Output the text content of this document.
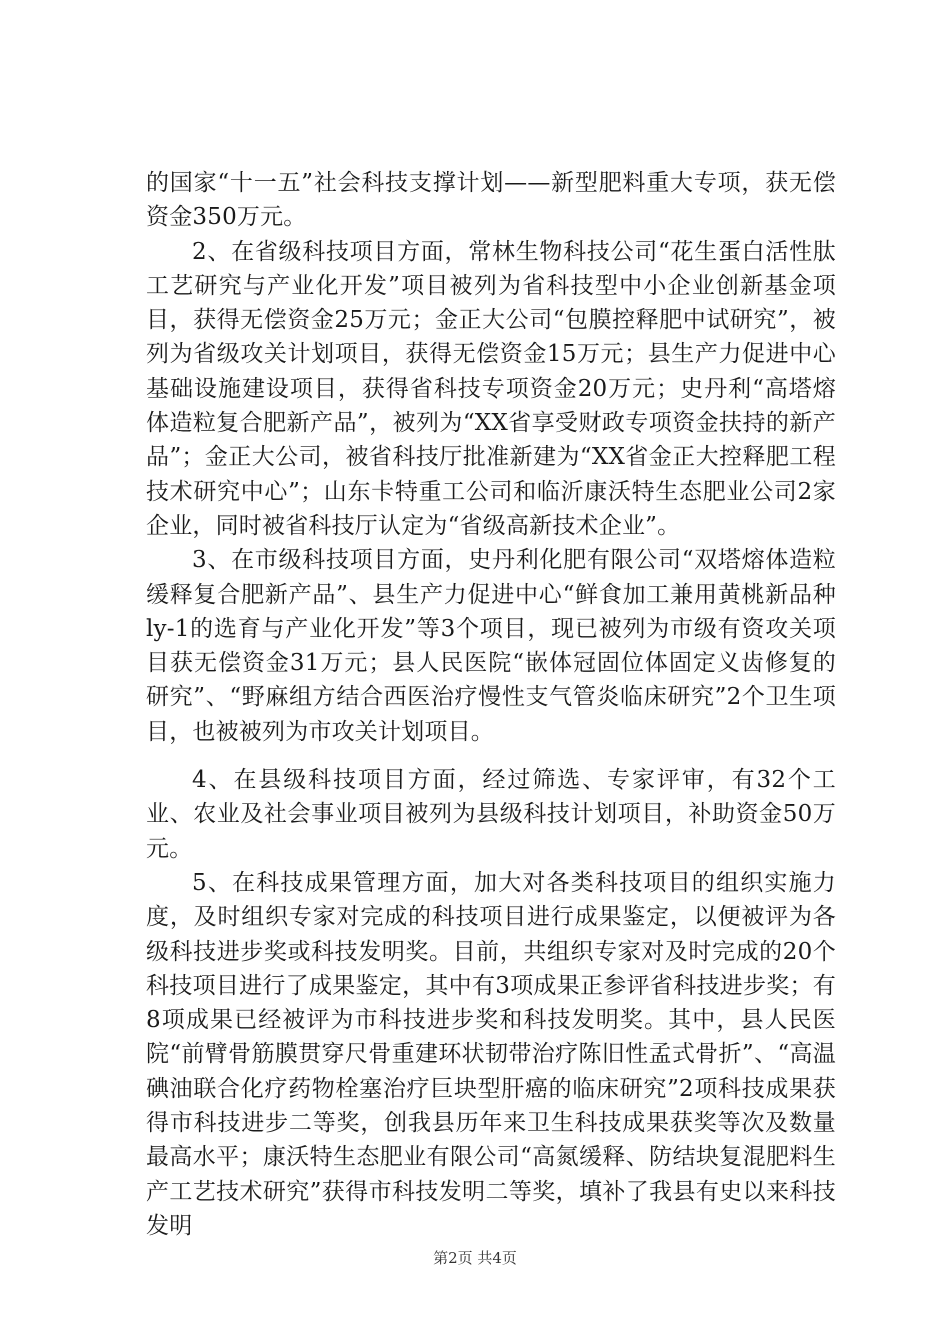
的国家“十一五”社会科技支撑计划——新型肥料重大专项，获无偿资金350万元。

2、在省级科技项目方面，常林生物科技公司“花生蛋白活性肽工艺研究与产业化开发”项目被列为省科技型中小企业创新基金项目，获得无偿资金25万元；金正大公司“包膜控释肥中试研究”，被列为省级攻关计划项目，获得无偿资金15万元；县生产力促进中心基础设施建设项目，获得省科技专项资金20万元；史丹利“高塔熔体造粒复合肥新产品”，被列为“XX省享受财政专项资金扶持的新产品”；金正大公司，被省科技厅批准新建为“XX省金正大控释肥工程技术研究中心”；山东卡特重工公司和临沂康沃特生态肥业公司2家企业，同时被省科技厅认定为“省级高新技术企业”。

3、在市级科技项目方面，史丹利化肥有限公司“双塔熔体造粒缓释复合肥新产品”、县生产力促进中心“鲜食加工兼用黄桃新品种ly-1的选育与产业化开发”等3个项目，现已被列为市级有资攻关项目获无偿资金31万元；县人民医院“嵌体冠固位体固定义齿修复的研究”、“野麻组方结合西医治疗慢性支气管炎临床研究”2个卫生项目，也被被列为市攻关计划项目。

4、在县级科技项目方面，经过筛选、专家评审，有32个工业、农业及社会事业项目被列为县级科技计划项目，补助资金50万元。

5、在科技成果管理方面，加大对各类科技项目的组织实施力度，及时组织专家对完成的科技项目进行成果鉴定，以便被评为各级科技进步奖或科技发明奖。目前，共组织专家对及时完成的20个科技项目进行了成果鉴定，其中有3项成果正参评省科技进步奖；有8项成果已经被评为市科技进步奖和科技发明奖。其中，县人民医院“前臂骨筋膜贯穿尺骨重建环状韧带治疗陈旧性孟式骨折”、“高温碘油联合化疗药物栓塞治疗巨块型肝癌的临床研究”2项科技成果获得市科技进步二等奖，创我县历年来卫生科技成果获奖等次及数量最高水平；康沃特生态肥业有限公司“高氮缓释、防结块复混肥料生产工艺技术研究”获得市科技发明二等奖，填补了我县有史以来科技发明

第2页 共4页
